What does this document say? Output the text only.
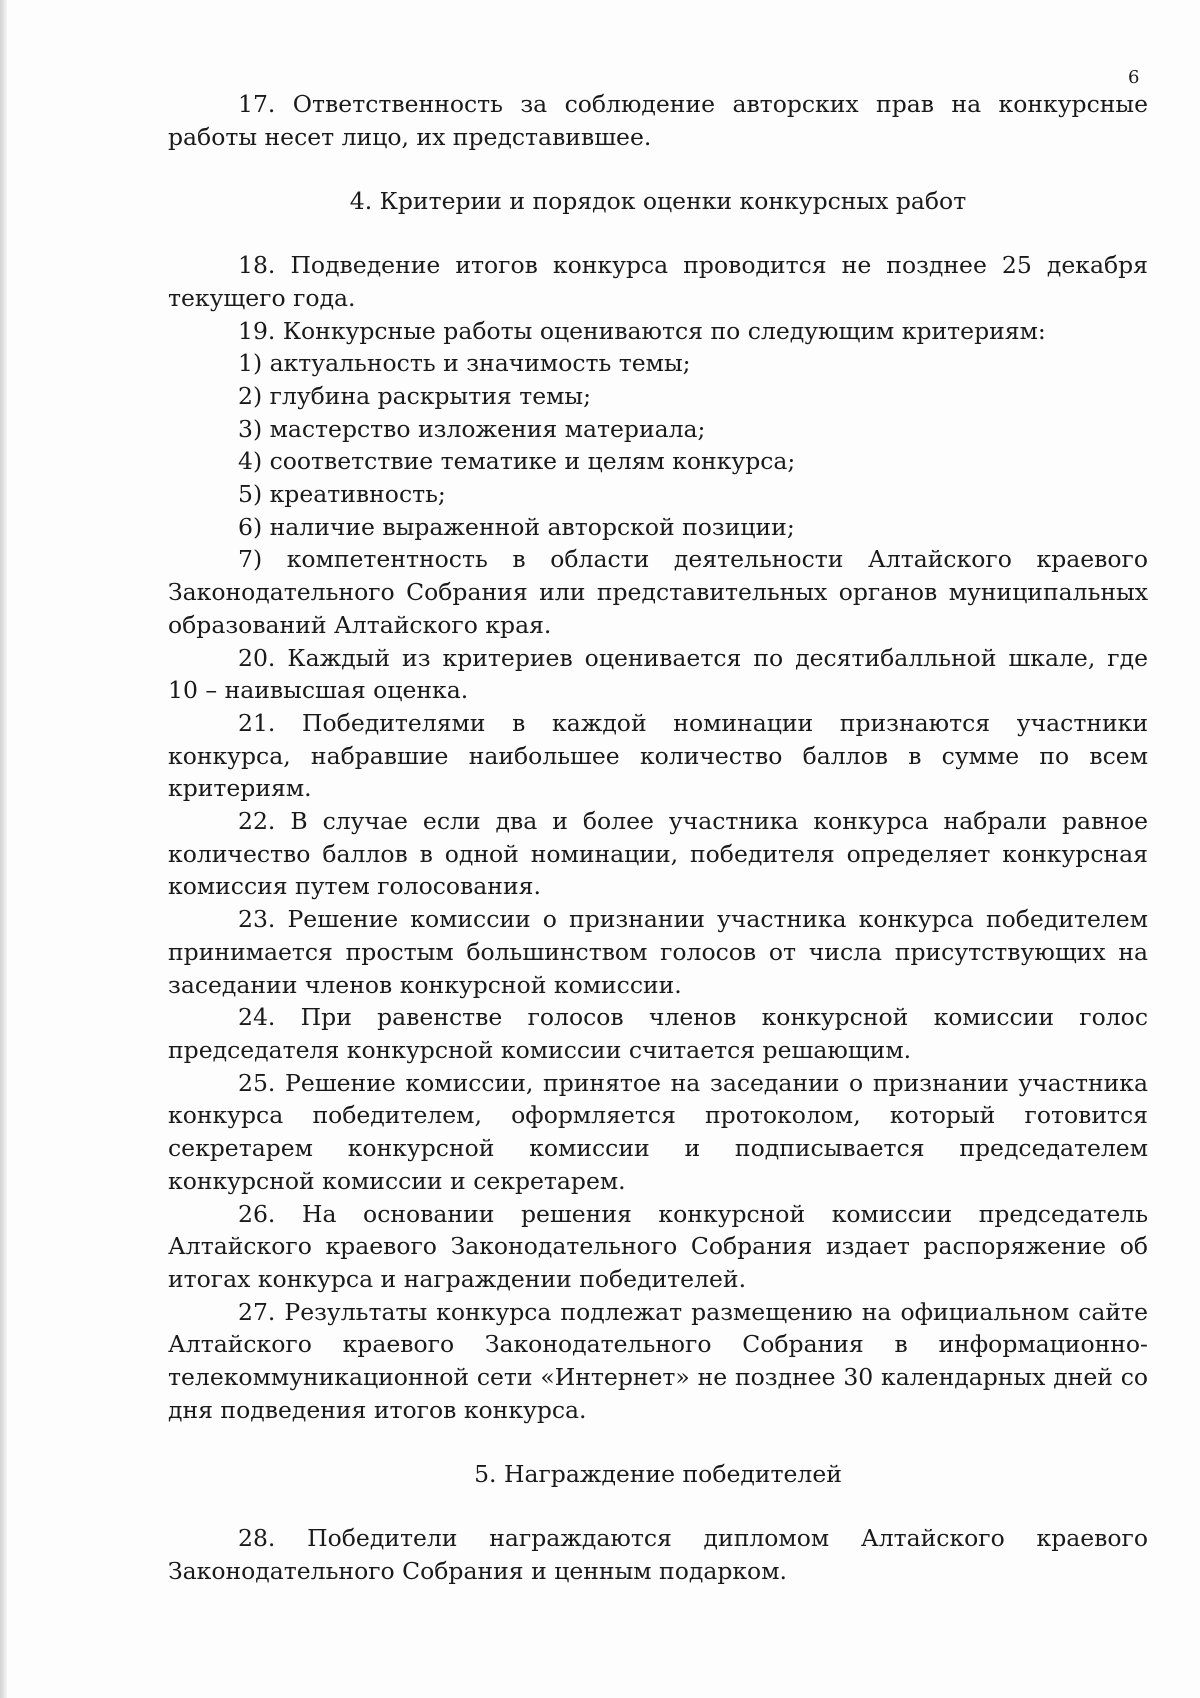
6

17. Ответственность за соблюдение авторских прав на конкурсные работы несет лицо, их представившее.

4. Критерии и порядок оценки конкурсных работ

18. Подведение итогов конкурса проводится не позднее 25 декабря текущего года.

19. Конкурсные работы оцениваются по следующим критериям:

1) актуальность и значимость темы;

2) глубина раскрытия темы;

3) мастерство изложения материала;

4) соответствие тематике и целям конкурса;

5) креативность;

6) наличие выраженной авторской позиции;

7) компетентность в области деятельности Алтайского краевого Законодательного Собрания или представительных органов муниципальных образований Алтайского края.

20. Каждый из критериев оценивается по десятибалльной шкале, где 10 – наивысшая оценка.

21. Победителями в каждой номинации признаются участники конкурса, набравшие наибольшее количество баллов в сумме по всем критериям.

22. В случае если два и более участника конкурса набрали равное количество баллов в одной номинации, победителя определяет конкурсная комиссия путем голосования.

23. Решение комиссии о признании участника конкурса победителем принимается простым большинством голосов от числа присутствующих на заседании членов конкурсной комиссии.

24. При равенстве голосов членов конкурсной комиссии голос председателя конкурсной комиссии считается решающим.

25. Решение комиссии, принятое на заседании о признании участника конкурса победителем, оформляется протоколом, который готовится секретарем конкурсной комиссии и подписывается председателем конкурсной комиссии и секретарем.

26. На основании решения конкурсной комиссии председатель Алтайского краевого Законодательного Собрания издает распоряжение об итогах конкурса и награждении победителей.

27. Результаты конкурса подлежат размещению на официальном сайте Алтайского краевого Законодательного Собрания в информационно-телекоммуникационной сети «Интернет» не позднее 30 календарных дней со дня подведения итогов конкурса.

5. Награждение победителей

28. Победители награждаются дипломом Алтайского краевого Законодательного Собрания и ценным подарком.
